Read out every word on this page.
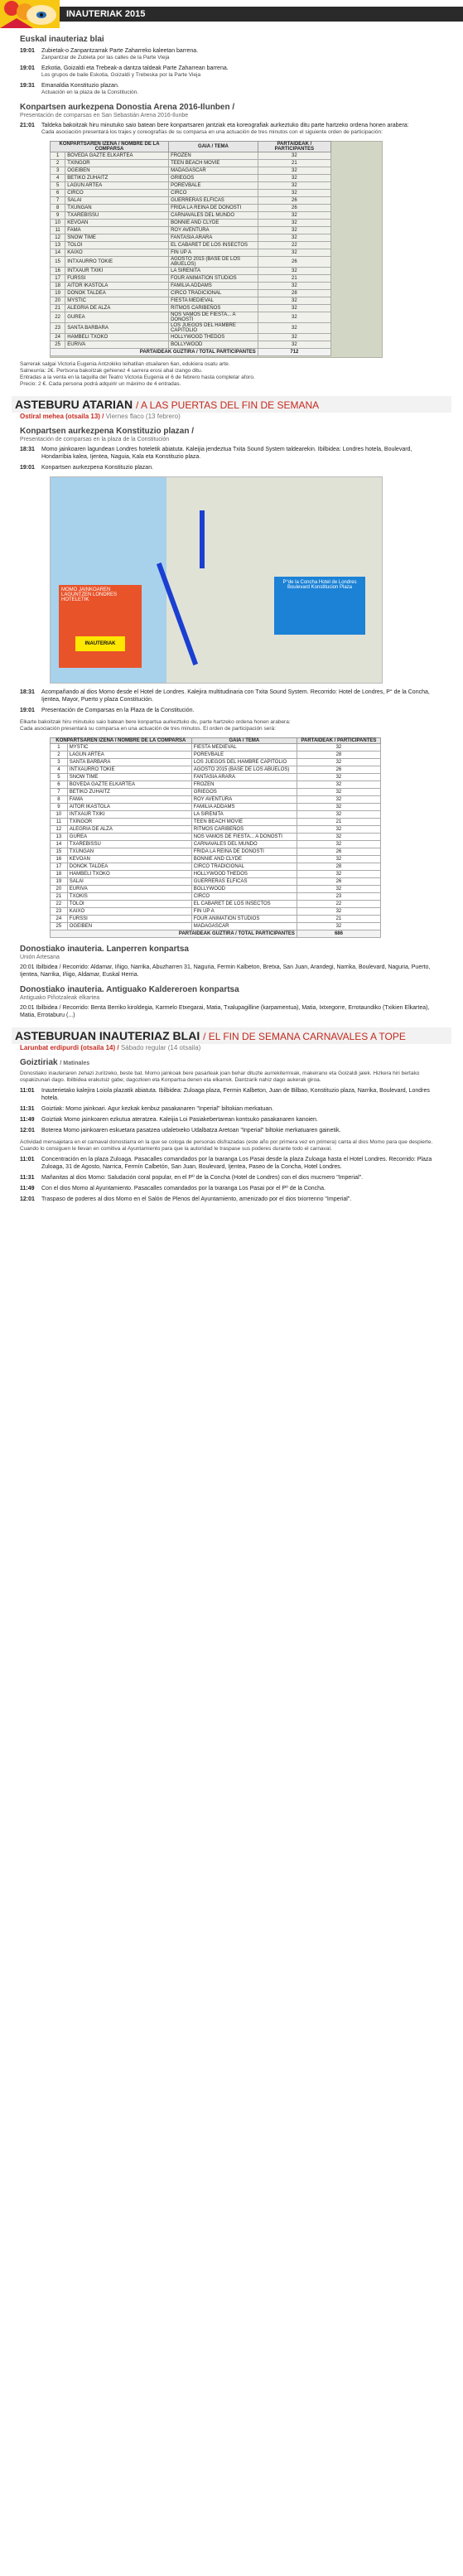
INAUTERIAK 2015
Euskal inauteriaz blai
19:01 Zubietak-o Zanpantzarrak Parte Zaharreko kaleetan barrena.
Zanpantzar de Zubieta por las calles de la Parte Vieja
19:01 Ezkotia, Goizaldi eta Trebeak-a dantza taldeak Parte Zaharrean barrena.
Los grupos de baile Eskotia, Goizaldi y Trebeska por la Parte Vieja
19:31 Emanaldia Konstituzio plazan.
Actuación en la plaza de la Constitución.
Konpartsen aurkezpena Donostia Arena 2016-Ilunben /
Presentación de comparsas en San Sebastián Arena 2016-Ilunbe
21:01 Taldeka bakoitzak hiru minutuko saio batean bere konpartsaren jantziak eta koreografiak aurkeztuko ditu parte hartzeko ordena honen arabera:
Cada asociación presentará los trajes y coreografías de su comparsa en una actuación de tres minutos con el siguiente orden de participación:
KONPARTSAREN IZENA / NOMBRE DE LA COMPARSA		GAIA / TEMA	PARTAIDEAK / PARTICIPANTES
1	BOVEDA GAZTE ELKARTEA	FROZEN	32
2	TXINGOR	TEEN BEACH MOVIE	21
3	OGEIBEN	MADAGASCAR	32
4	BETIKO ZUHAITZ	GRIEGOS	32
5	LAGUN ARTEA	POREVBALE	32
6	CIRCO	CIRCO	32
7	SALAI	GUERRERAS ELFICAS	26
8	TXUNGAN	FRIDA LA REINA DE DONOSTI	26
9	TXAREBISSU	CARNAVALES DEL MUNDO	32
10	KEVOAN	BONNIE AND CLYDE	32
11	FAMA	ROY AVENTURA	32
12	SNOW TIME	FANTASIA ARARA	32
13	TOLOI	EL CABARET DE LOS INSECTOS	22
14	KAIXO	FIN UP A	32
15	INTXAURRO TOKIE	AGOSTO 2015 (BASE DE LOS ABUELOS)	26
16	INTXAUR TXIKI	LA SIRENITA	32
17	FURSSI	FOUR ANIMATION STUDIOS	21
18	AITOR IKASTOLA	FAMILIA ADDAMS	32
19	DONOK TALDEA	CIRCO TRADICIONAL	28
20	MYSTIC	FIESTA MEDIEVAL	32
21	ALEGRIA DE ALZA	RITMOS CARIBEÑOS	32
22	GUREA	NOS VAMOS DE FIESTA... A DONOSTI	32
23	SANTA BARBARA	LOS JUEGOS DEL HAMBRE CAPITOLIO	32
24	HAMBELI TXOKO	HOLLYWOOD THEDOS	32
25	EURIVA	BOLLYWOOD	32
PARTAIDEAK GUZTIRA / TOTAL PARTICIPANTES			712
Sarrerak salgai Victoria Eugenia Antzokiko leihatilan otsailaren 6an, edukiera osatu arte.
Salneurria: 2€. Pertsona bakoitzak gehienez 4 sarrera erosi ahal izango ditu.
Entradas a la venta en la taquilla del Teatro Victoria Eugenia el 6 de febrero hasta completar aforo.
Precio: 2 €. Cada persona podrá adquirir un máximo de 4 entradas.
ASTEBURU ATARIAN / A LAS PUERTAS DEL FIN DE SEMANA
Ostiral mehea (otsaila 13) / Viernes flaco (13 febrero)
Konpartsen aurkezpena Konstituzio plazan /
Presentación de comparsas en la plaza de la Constitución
18:31 Momo jainkoaren lagundean Londres hoteletik abiatuta. Kaleijia jendeztua Txita Sound System taldearekin. Ibilbidea: Londres hotela, Boulevard, Hondarribia kalea, Ijentea, Naguia, Kala eta Konstituzio plaza.
19:01 Konpartsen aurkezpena Konstituzio plazan.
P°de la Concha Hotel de Londres Boulevard Konstitucion Plaza
MOMO JAINKOAREN LAGUNTZEN LONDRES HOTELETIK
INAUTERIAK
18:31 Acompañando al dios Momo desde el Hotel de Londres. Kalejira multitudinaria con Txita Sound System. Recorrido: Hotel de Londres, P° de la Concha, Ijentea, Mayor, Puerto y plaza Constitución.
19:01 Presentación de Comparsas en la Plaza de la Constitución.
Elkarte bakoitzak hiru minutuko saio batean bere konpartsa aurkeztuko du, parte hartzeko ordena honen arabera:
Cada asociación presentará su comparsa en una actuación de tres minutos. El orden de participación será:
KONPARTSAREN IZENA / NOMBRE DE LA COMPARSA		GAIA / TEMA	PARTAIDEAK / PARTICIPANTES
1	MYSTIC	FIESTA MEDIEVAL	32
2	LAGUN ARTEA	POREVBALE	28
3	SANTA BARBARA	LOS JUEGOS DEL HAMBRE CAPITOLIO	32
4	INTXAURRO TOKIE	AGOSTO 2015 (BASE DE LOS ABUELOS)	26
5	SNOW TIME	FANTASIA ARARA	32
6	BOVEDA GAZTE ELKARTEA	FROZEN	32
7	BETIKO ZUHAITZ	GRIEGOS	32
8	FAMA	ROY AVENTURA	32
9	AITOR IKASTOLA	FAMILIA ADDAMS	32
10	INTXAUR TXIKI	LA SIRENITA	32
11	TXINGOR	TEEN BEACH MOVIE	21
12	ALEGRIA DE ALZA	RITMOS CARIBEÑOS	32
13	GUREA	NOS VAMOS DE FIESTA... A DONOSTI	32
14	TXAREBISSU	CARNAVALES DEL MUNDO	32
15	TXUNGAN	FRIDA LA REINA DE DONOSTI	26
16	KEVOAN	BONNIE AND CLYDE	32
17	DONOK TALDEA	CIRCO TRADICIONAL	28
18	HAMBELI TXOKO	HOLLYWOOD THEDOS	32
19	SALAI	GUERRERAS ELFICAS	26
20	EURIVA	BOLLYWOOD	32
21	TXOKIS	CIRCO	23
22	TOLOI	EL CABARET DE LOS INSECTOS	22
23	KAIXO	FIN UP A	32
24	FURSSI	FOUR ANIMATION STUDIOS	21
25	OGEIBEN	MADAGASCAR	32
PARTAIDEAK GUZTIRA / TOTAL PARTICIPANTES			686
Donostiako inauteria. Lanperren konpartsa
Unión Artesana
20:01 Ibilbidea / Recorrido: Aldamar, Iñigo, Narrika, Abuzharren 31, Naguria, Fermin Kalbeton, Bretxa, San Juan, Arandegi, Narrika, Boulevard, Naguria, Puerto, Ijentea, Narrika, Iñigo, Aldamar, Euskal Herria.
Donostiako inauteria. Antiguako Kaldereroen konpartsa
Antiguako Piñotzaleak elkartea
20:01 Ibilbidea / Recorrido: Benta Berriko kiroldegia, Karmelo Etxegarai, Matia, Txalupagilline (karpamentua), Matia, Ixtxegorre, Errotaundiko (Txikien Elkartea), Matia, Errotaburu (...)
ASTEBURUAN INAUTERIAZ BLAI / EL FIN DE SEMANA CARNAVALES A TOPE
Larunbat erdipurdi (otsaila 14) / Sábado regular (14 otsaila)
Goiztiriak / Matinales
Donostiako inauteriaren zehazi zuritzeko, beste bat. Momo jainkoak bere pasarteak joan behar dituzte aurrekiterrreak, makeirano eta Goizaldi jaiek. Hizkera hiri bertako ospakizunari dago. Ibilbidea erakutsiz gabe; dagozkien eta Konpartsa denen eta elkarrek. Dantzarik nahiz dago aukerak giroa.
11:01 Inauterietako kalejira Loiola plazatik abiatuta. Ibilbidea: Zuloaga plaza, Fermin Kalbeton, Juan de Bilbao, Konstituzio plaza, Narrika, Boulevard, Londres hotela.
11:31 Goiztiak: Momo jainkoari. Agur kezkak kenbuz pasakanaren "Inperial" biltokian merkatuan.
11:49 Goiztiak Momo jainkoaren ezkutua ateratzea. Kaleijia Loi Pasiakebertarean kontsuko pasakanaren kanoien.
12:01 Boterea Momo jainkoaren eskuetara pasatzea udaletxeko Udalbatza Aretoan "Inperial" biltokie merkatuaren gainetik.
Actividad mensajetara en el carnaval donostiarra en la que se cologa de personas disfrazadas (este año por primera vez en primera) canta al dios Momo para que despierte. Cuando lo consiguen le llevan en comitiva al Ayuntamiento para que la autoridad le traspase sus poderes durante todo el carnaval.
11:01 Concentración en la plaza Zuloaga. Pasacalles comandados por la txaranga Los Pasai desde la plaza Zuloaga hasta el Hotel Londres. Recorrido: Plaza Zuloaga, 31 de Agosto, Narrica, Fermín Calbetón, San Juan, Boulevard, Ijentea, Paseo de la Concha, Hotel Londres.
11:31 Mañanitas al dios Momo: Saludación coral popular, en el Pº de la Concha (Hotel de Londres) con el dios mucmero "Imperial".
11:49 Con el dios Momo al Ayuntamiento. Pasacalles comandados por la txaranga Los Pasai por el Pº de la Concha.
12:01 Traspaso de poderes al dios Momo en el Salón de Plenos del Ayuntamiento, amenizado por el dios txiorrenno "Imperial".
